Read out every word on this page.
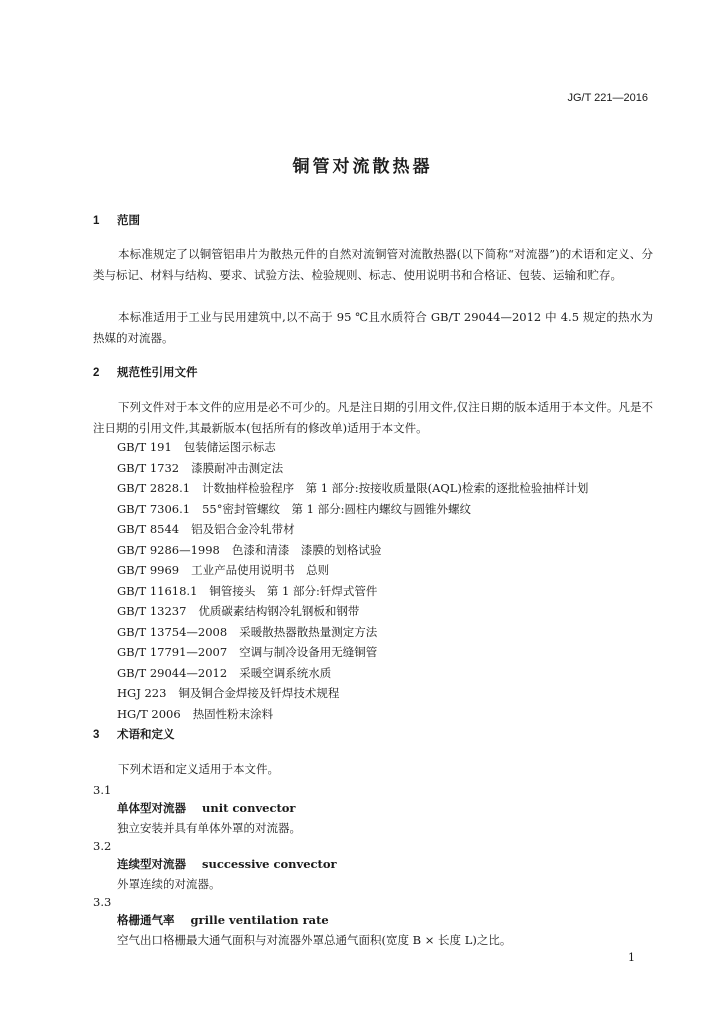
JG/T 221—2016
铜管对流散热器
1 范围
本标准规定了以铜管铝串片为散热元件的自然对流铜管对流散热器(以下简称“对流器”)的术语和定义、分类与标记、材料与结构、要求、试验方法、检验规则、标志、使用说明书和合格证、包装、运输和贮存。
本标准适用于工业与民用建筑中,以不高于 95 ℃且水质符合 GB/T 29044—2012 中 4.5 规定的热水为热媒的对流器。
2 规范性引用文件
下列文件对于本文件的应用是必不可少的。凡是注日期的引用文件,仅注日期的版本适用于本文件。凡是不注日期的引用文件,其最新版本(包括所有的修改单)适用于本文件。
GB/T 191 包装储运图示标志
GB/T 1732 漆膜耐冲击测定法
GB/T 2828.1 计数抽样检验程序　第 1 部分:按接收质量限(AQL)检索的逐批检验抽样计划
GB/T 7306.1 55°密封管螺纹　第 1 部分:圆柱内螺纹与圆锥外螺纹
GB/T 8544 铝及铝合金冷轧带材
GB/T 9286—1998 色漆和清漆　漆膜的划格试验
GB/T 9969 工业产品使用说明书　总则
GB/T 11618.1 铜管接头　第 1 部分:钎焊式管件
GB/T 13237 优质碳素结构钢冷轧钢板和钢带
GB/T 13754—2008 采暖散热器散热量测定方法
GB/T 17791—2007 空调与制冷设备用无缝铜管
GB/T 29044—2012 采暖空调系统水质
HGJ 223 铜及铜合金焊接及钎焊技术规程
HG/T 2006 热固性粉末涂料
3 术语和定义
下列术语和定义适用于本文件。
3.1
单体型对流器 unit convector
独立安装并具有单体外罩的对流器。
3.2
连续型对流器 successive convector
外罩连续的对流器。
3.3
格栅通气率 grille ventilation rate
空气出口格栅最大通气面积与对流器外罩总通气面积(宽度 B × 长度 L)之比。
1
